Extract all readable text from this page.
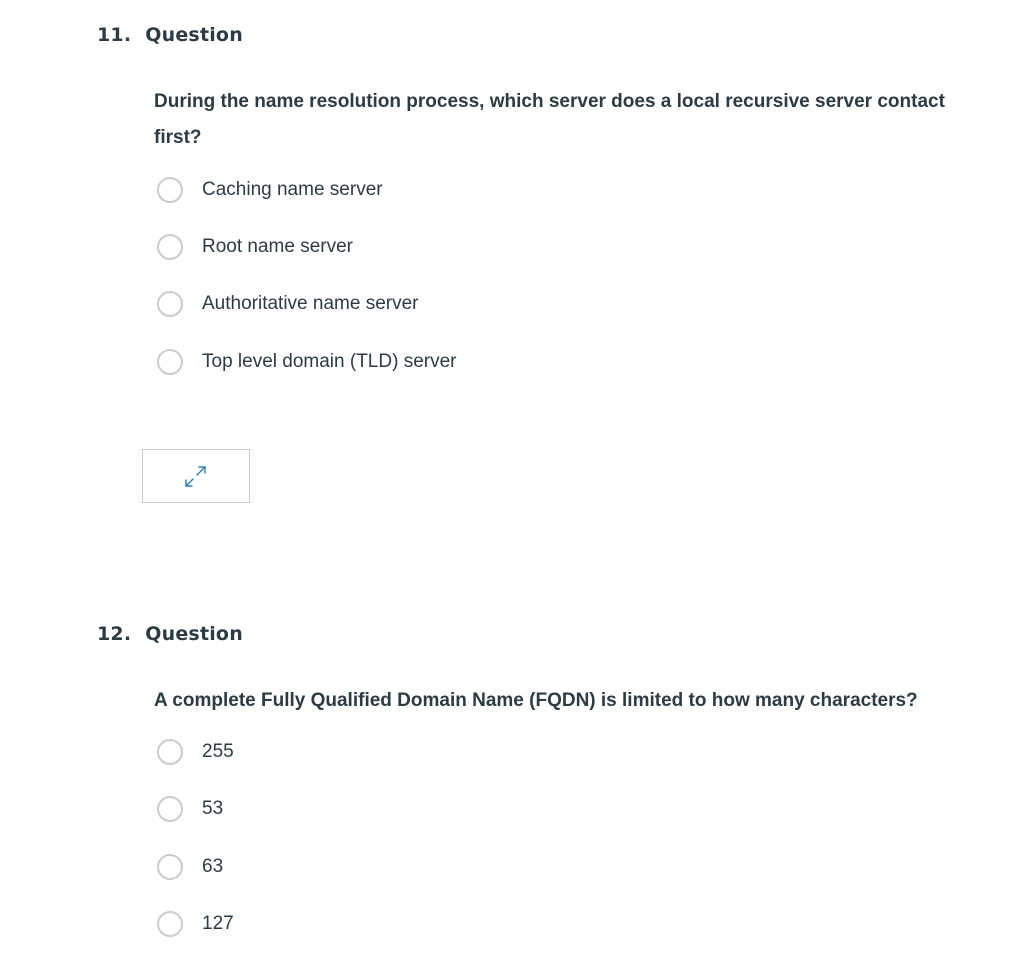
11. Question
During the name resolution process, which server does a local recursive server contact first?
Caching name server
Root name server
Authoritative name server
Top level domain (TLD) server
12. Question
A complete Fully Qualified Domain Name (FQDN) is limited to how many characters?
255
53
63
127
